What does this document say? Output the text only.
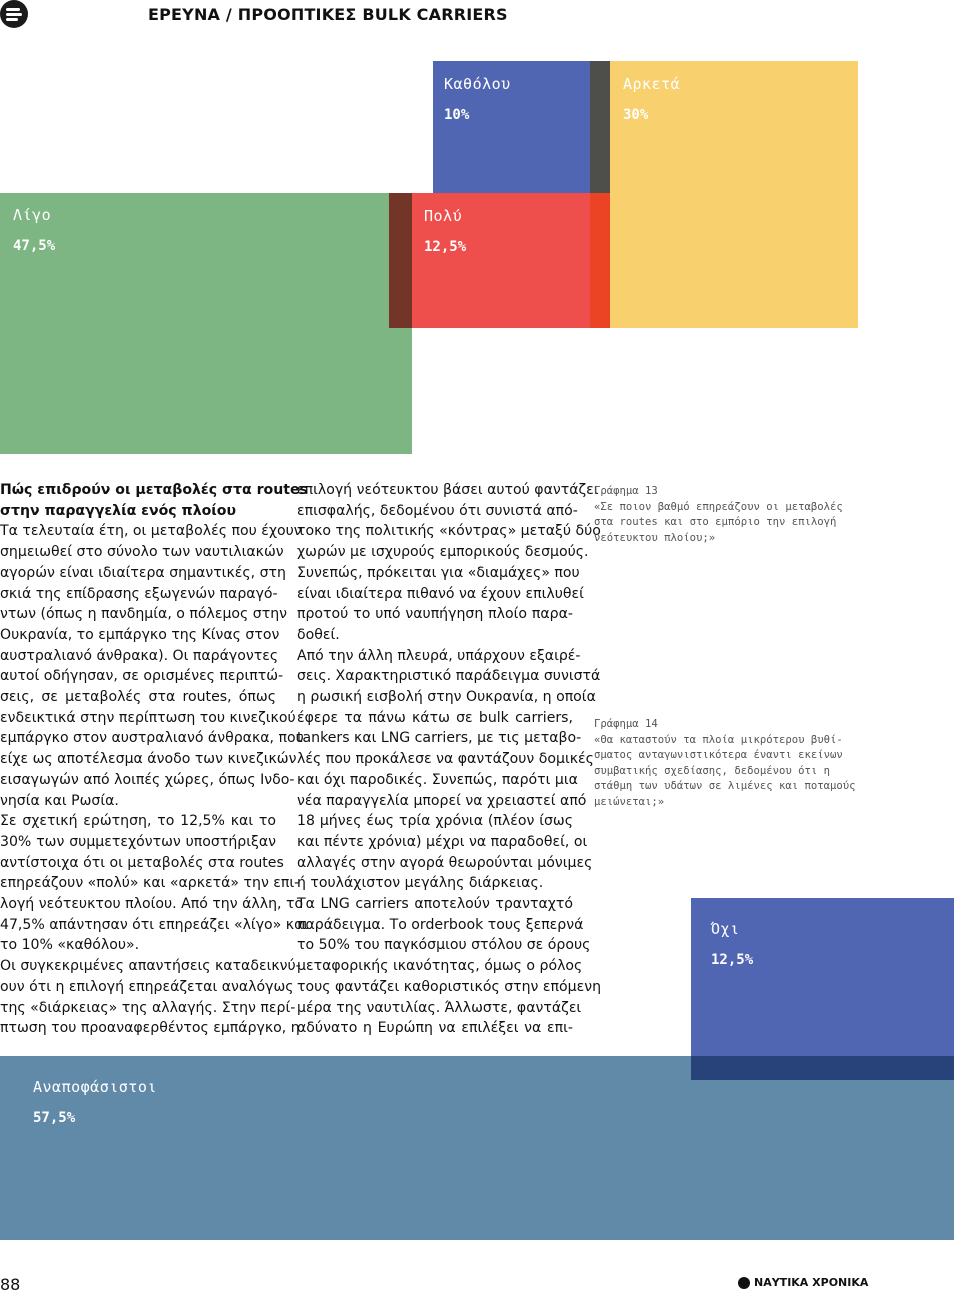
ΕΡΕΥΝΑ / ΠΡΟΟΠΤΙΚΕΣ BULK CARRIERS
Καθόλου
10%
Αρκετά
30%
Λίγο
47,5%
Πολύ
12,5%
Πώς επιδρούν οι μεταβολές στα routes
στην παραγγελία ενός πλοίου
Τα τελευταία έτη, οι μεταβολές που έχουν
σημειωθεί στο σύνολο των ναυτιλιακών
αγορών είναι ιδιαίτερα σημαντικές, στη
σκιά της επίδρασης εξωγενών παραγό-
ντων (όπως η πανδημία, ο πόλεμος στην
Ουκρανία, το εμπάργκο της Κίνας στον
αυστραλιανό άνθρακα). Οι παράγοντες
αυτοί οδήγησαν, σε ορισμένες περιπτώ-
σεις, σε μεταβολές στα routes, όπως
ενδεικτικά στην περίπτωση του κινεζικού
εμπάργκο στον αυστραλιανό άνθρακα, που
είχε ως αποτέλεσμα άνοδο των κινεζικών
εισαγωγών από λοιπές χώρες, όπως Ινδο-
νησία και Ρωσία.
Σε σχετική ερώτηση, το 12,5% και το
30% των συμμετεχόντων υποστήριξαν
αντίστοιχα ότι οι μεταβολές στα routes
επηρεάζουν «πολύ» και «αρκετά» την επι-
λογή νεότευκτου πλοίου. Από την άλλη, το
47,5% απάντησαν ότι επηρεάζει «λίγο» και
το 10% «καθόλου».
Οι συγκεκριμένες απαντήσεις καταδεικνύ-
ουν ότι η επιλογή επηρεάζεται αναλόγως
της «διάρκειας» της αλλαγής. Στην περί-
πτωση του προαναφερθέντος εμπάργκο, η
επιλογή νεότευκτου βάσει αυτού φαντάζει
επισφαλής, δεδομένου ότι συνιστά από-
τοκο της πολιτικής «κόντρας» μεταξύ δύο
χωρών με ισχυρούς εμπορικούς δεσμούς.
Συνεπώς, πρόκειται για «διαμάχες» που
είναι ιδιαίτερα πιθανό να έχουν επιλυθεί
προτού το υπό ναυπήγηση πλοίο παρα-
δοθεί.
Από την άλλη πλευρά, υπάρχουν εξαιρέ-
σεις. Χαρακτηριστικό παράδειγμα συνιστά
η ρωσική εισβολή στην Ουκρανία, η οποία
έφερε τα πάνω κάτω σε bulk carriers,
tankers και LNG carriers, με τις μεταβο-
λές που προκάλεσε να φαντάζουν δομικές
και όχι παροδικές. Συνεπώς, παρότι μια
νέα παραγγελία μπορεί να χρειαστεί από
18 μήνες έως τρία χρόνια (πλέον ίσως
και πέντε χρόνια) μέχρι να παραδοθεί, οι
αλλαγές στην αγορά θεωρούνται μόνιμες
ή τουλάχιστον μεγάλης διάρκειας.
Τα LNG carriers αποτελούν τρανταχτό
παράδειγμα. Το orderbook τους ξεπερνά
το 50% του παγκόσμιου στόλου σε όρους
μεταφορικής ικανότητας, όμως ο ρόλος
τους φαντάζει καθοριστικός στην επόμενη
μέρα της ναυτιλίας. Άλλωστε, φαντάζει
αδύνατο η Ευρώπη να επιλέξει να επι-
Γράφημα 13
«Σε ποιον βαθμό επηρεάζουν οι μεταβολές
στα routes και στο εμπόριο την επιλογή
νεότευκτου πλοίου;»
Γράφημα 14
«Θα καταστούν τα πλοία μικρότερου βυθί-
σματος ανταγωνιστικότερα έναντι εκείνων
συμβατικής σχεδίασης, δεδομένου ότι η
στάθμη των υδάτων σε λιμένες και ποταμούς
μειώνεται;»
Όχι
12,5%
Αναποφάσιστοι
57,5%
88	ΝΑΥΤΙΚΑ ΧΡΟΝΙΚΑ
